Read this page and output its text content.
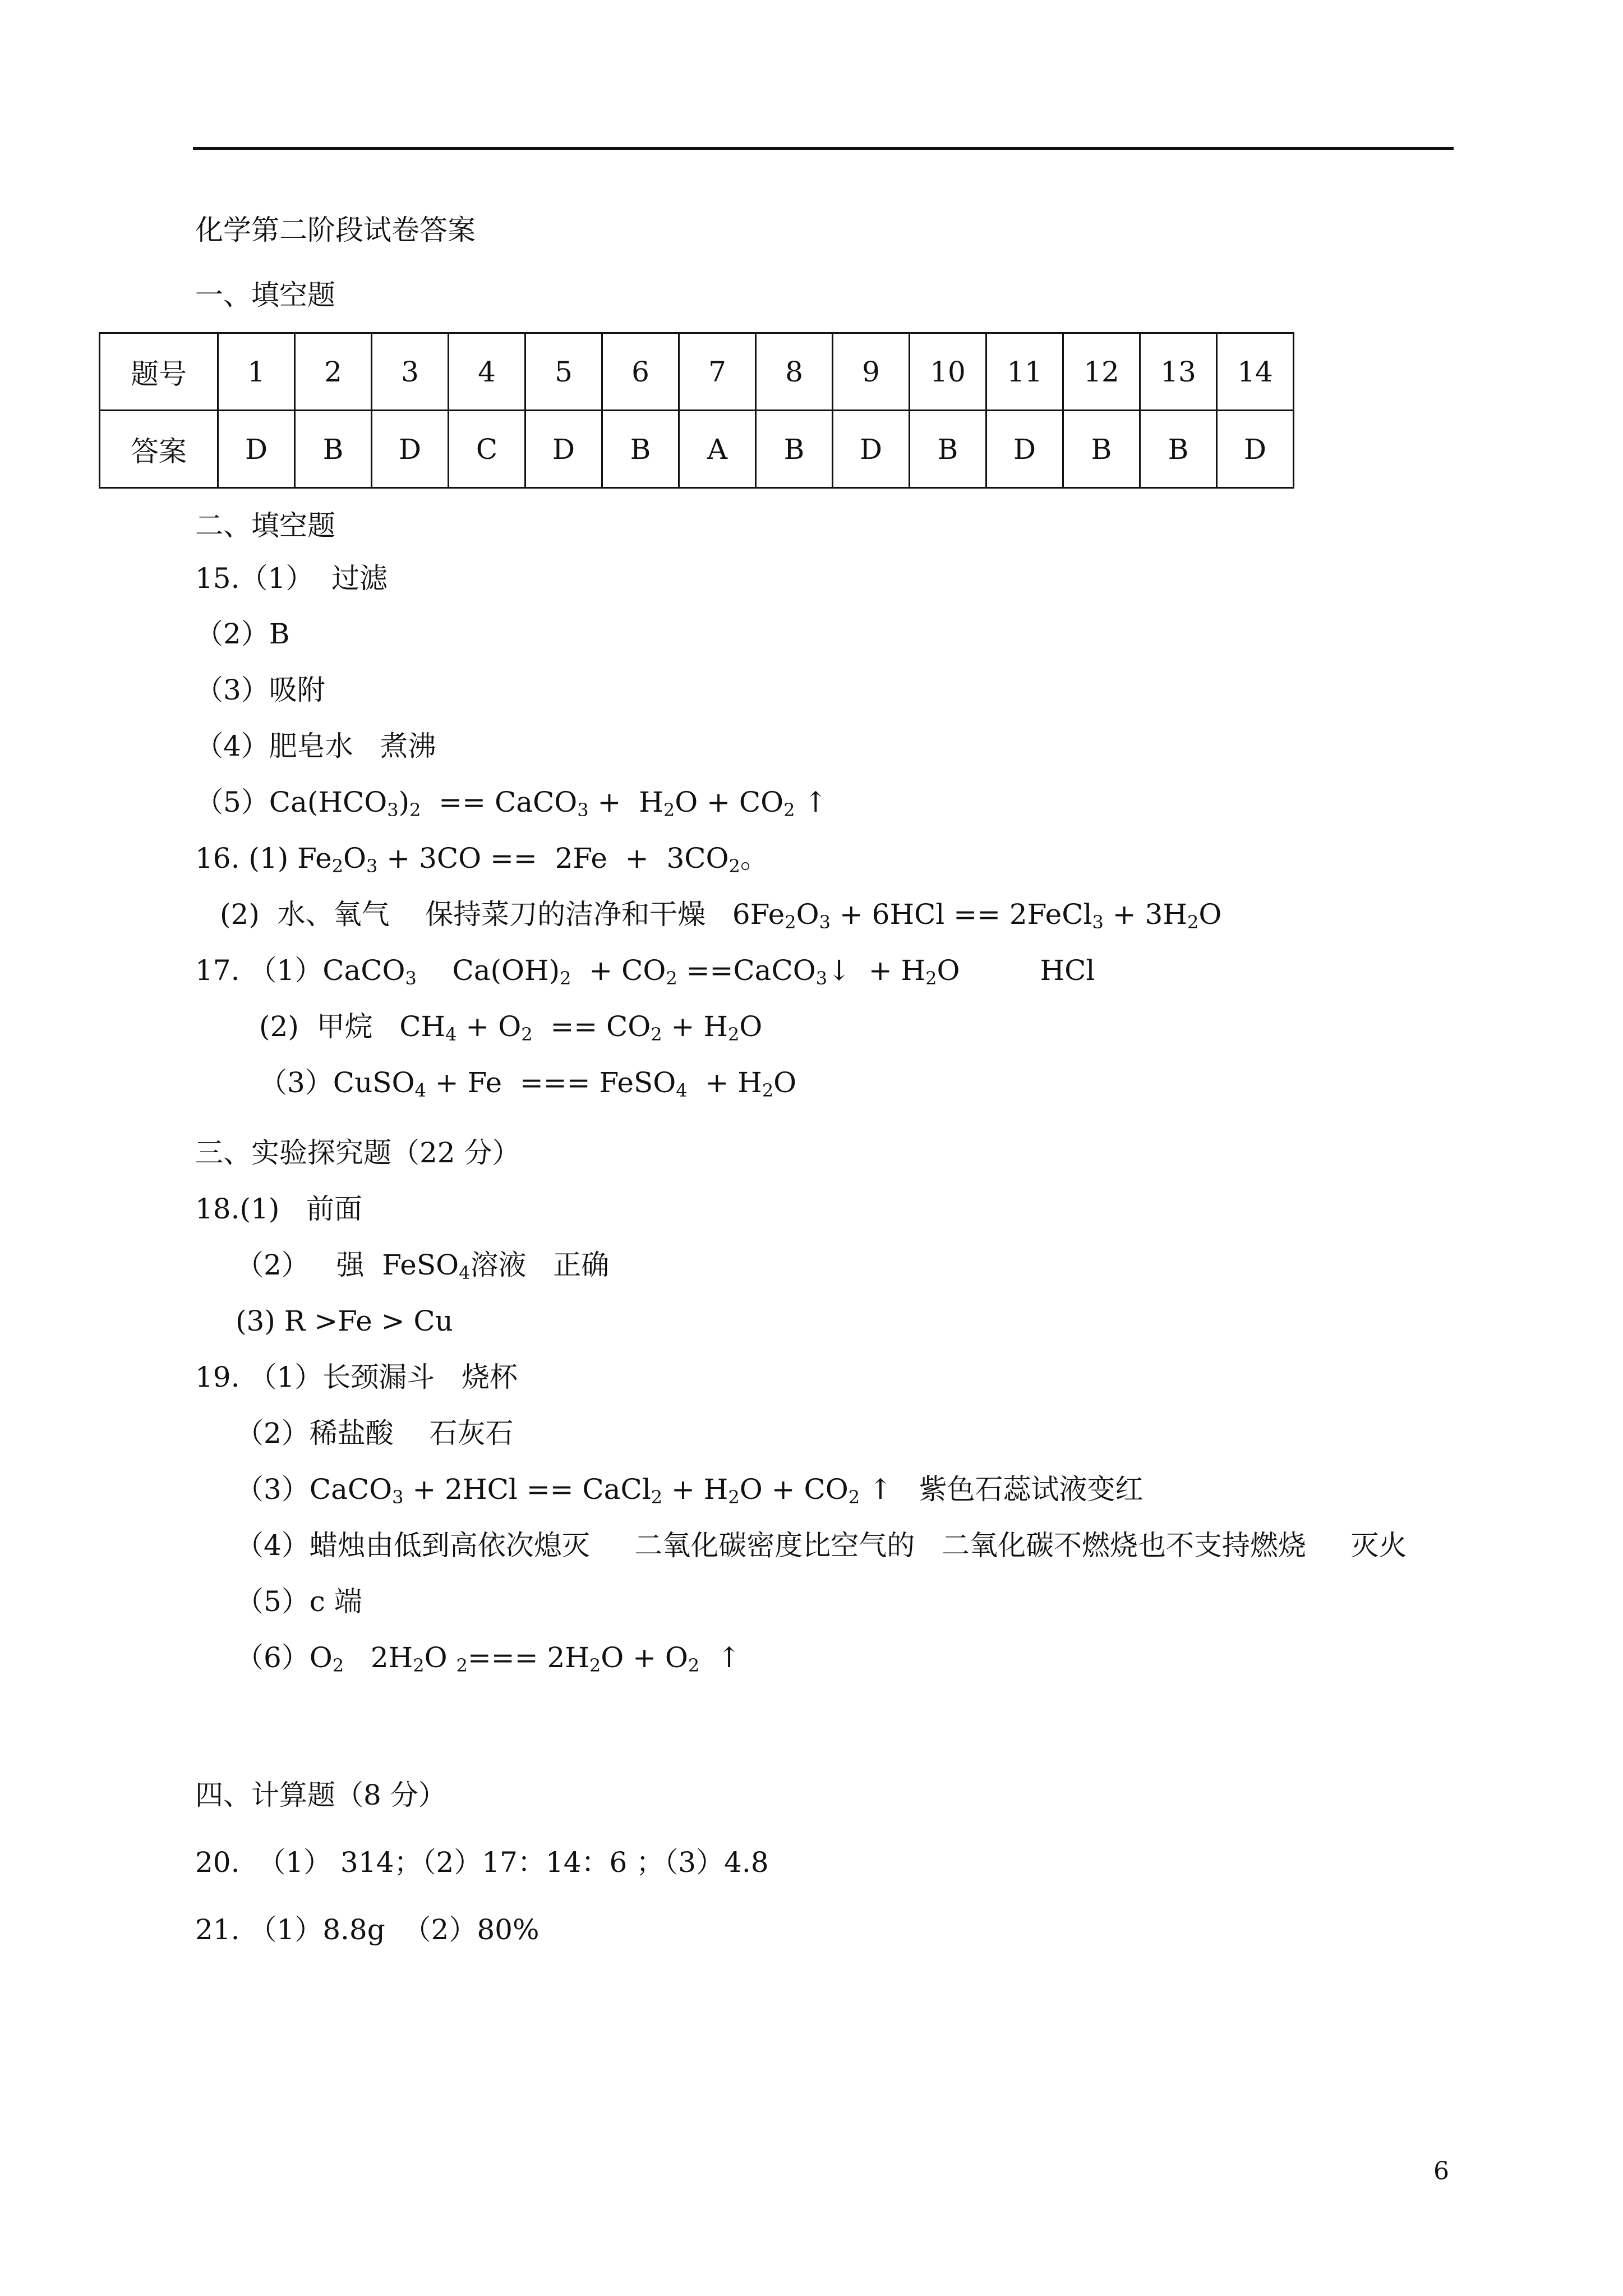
化学第二阶段试卷答案
一、填空题
题号	1	2	3	4	5	6	7	8	9	10	11	12	13	14
答案	D	B	D	C	D	B	A	B	D	B	D	B	B	D
二、填空题
15.（1）  过滤
（2）B
（3）吸附
（4）肥皂水   煮沸
$(5)Ca(HCO_3)_2$  == CaCO$_3$ +  $H_2O + CO_2$ ↑
16. (1) $Fe_2O_3 + 3CO == 2Fe + 3CO_2$。
(2)  水、氧气    保持菜刀的洁净和干燥   $6Fe_2O_3 + 6HCl$ == 2FeCl$_3$ + $3H_2O$
17. （1）CaCO$_3$    $Ca(OH)_2 + CO_2$ ==CaCO$_3$↓  + $H_2O$         HCl
(2)  甲烷   $CH_4 + O_2 == CO_2 + H_2O$
（3）CuSO$_4$ + Fe  === FeSO$_4$  + $H_2O$
三、实验探究题（22 分）
18.(1)   前面
（2）   强  FeSO$_4$溶液   正确
(3) R >Fe > Cu
19. （1）长颈漏斗   烧杯
（2）稀盐酸    石灰石
（3）CaCO$_3$ + 2HCl == CaCl$_2$ + $H_2O + CO_2$ ↑   紫色石蕊试液变红
（4）蜡烛由低到高依次熄灭     二氧化碳密度比空气的   二氧化碳不燃烧也不支持燃烧     灭火
（5）c 端
$(6)O_2$   $2H_2O$ $_2=== 2H_2O + O_2$  ↑
四、计算题（8 分）
20.  （1） 314；（2）17：14：6 ；（3）4.8
21. （1）8.8g  （2）80%
6
